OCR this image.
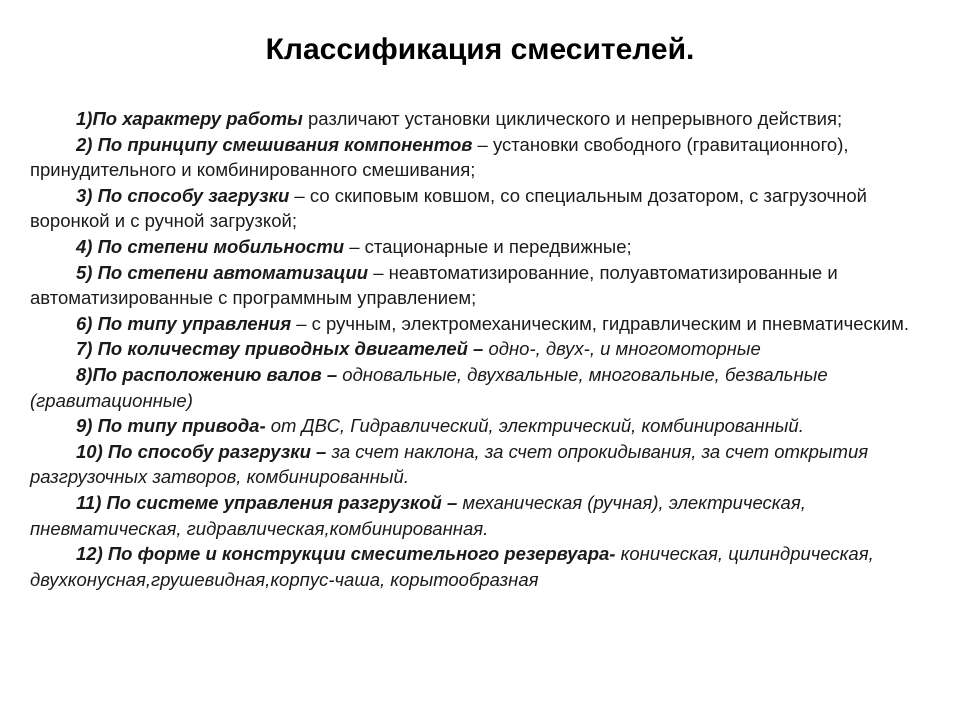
Классификация смесителей.

1)По характеру работы различают установки циклического и непрерывного действия;

2) По принципу смешивания компонентов – установки свободного (гравитационного), принудительного и комбинированного смешивания;

3) По способу загрузки – со скиповым ковшом, со специальным дозатором, с загрузочной воронкой и с ручной загрузкой;

4) По степени мобильности – стационарные и передвижные;

5) По степени автоматизации – неавтоматизированние, полуавтоматизированные и автоматизированные с программным управлением;

6) По типу управления – с ручным, электромеханическим, гидравлическим и пневматическим.

7) По количеству приводных двигателей – одно-, двух-, и многомоторные

8)По расположению валов – одновальные, двухвальные, многовальные, безвальные (гравитационные)

9) По типу привода- от ДВС, Гидравлический, электрический, комбинированный.

10) По способу разгрузки – за счет наклона, за счет опрокидывания, за счет открытия разгрузочных затворов, комбинированный.

11) По системе управления разгрузкой – механическая (ручная), электрическая, пневматическая, гидравлическая,комбинированная.

12) По форме и конструкции смесительного резервуара- коническая, цилиндрическая, двухконусная,грушевидная,корпус-чаша, корытообразная
